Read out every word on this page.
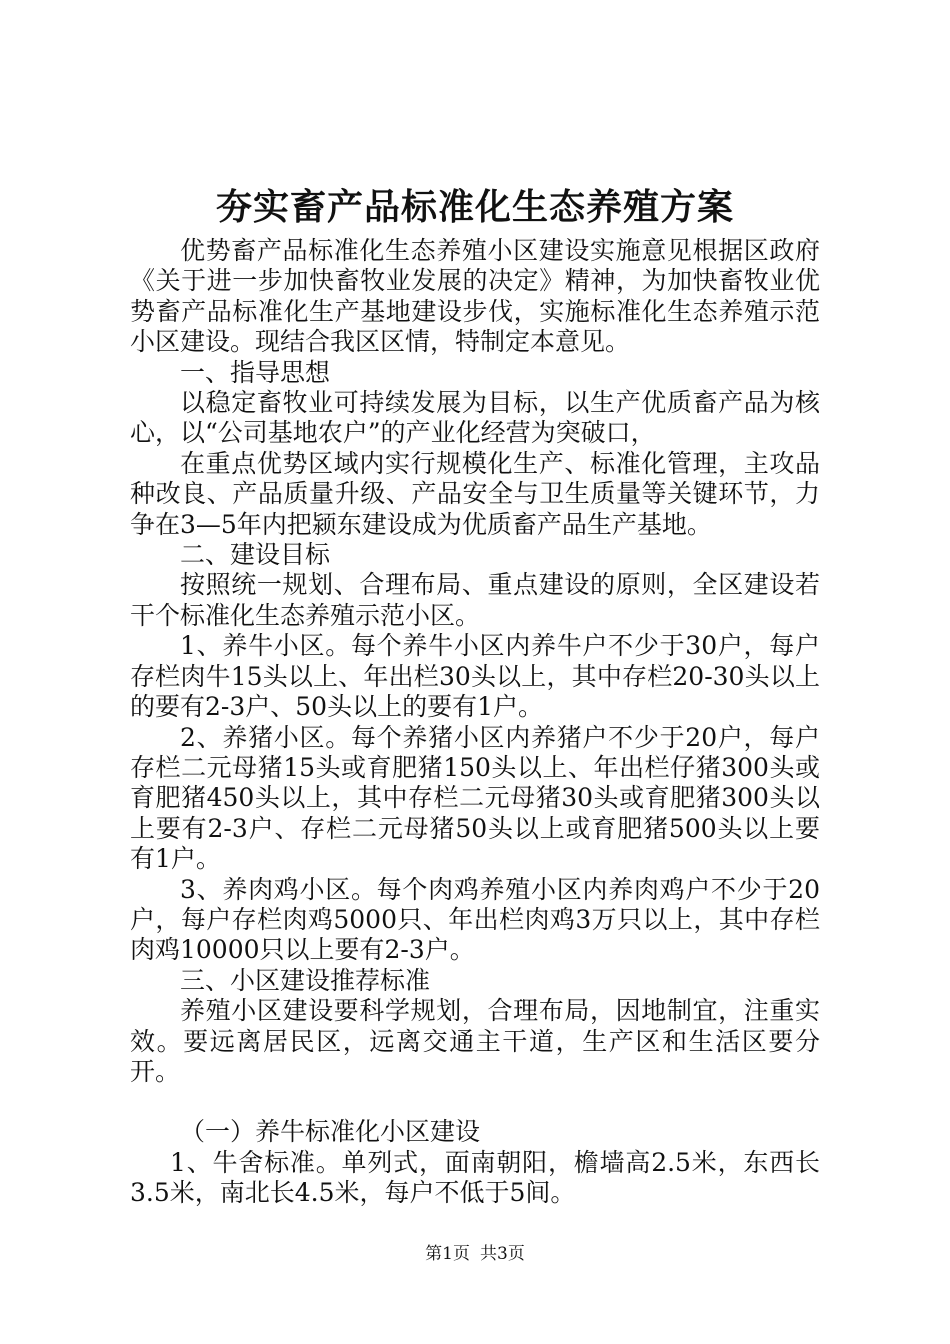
夯实畜产品标准化生态养殖方案

优势畜产品标准化生态养殖小区建设实施意见根据区政府《关于进一步加快畜牧业发展的决定》精神，为加快畜牧业优势畜产品标准化生产基地建设步伐，实施标准化生态养殖示范小区建设。现结合我区区情，特制定本意见。

一、指导思想

以稳定畜牧业可持续发展为目标，以生产优质畜产品为核心，以“公司基地农户”的产业化经营为突破口，

在重点优势区域内实行规模化生产、标准化管理，主攻品种改良、产品质量升级、产品安全与卫生质量等关键环节，力争在3—5年内把颍东建设成为优质畜产品生产基地。

二、建设目标

按照统一规划、合理布局、重点建设的原则，全区建设若干个标准化生态养殖示范小区。

1、养牛小区。每个养牛小区内养牛户不少于30户，每户存栏肉牛15头以上、年出栏30头以上，其中存栏20-30头以上的要有2-3户、50头以上的要有1户。

2、养猪小区。每个养猪小区内养猪户不少于20户，每户存栏二元母猪15头或育肥猪150头以上、年出栏仔猪300头或育肥猪450头以上，其中存栏二元母猪30头或育肥猪300头以上要有2-3户、存栏二元母猪50头以上或育肥猪500头以上要有1户。

3、养肉鸡小区。每个肉鸡养殖小区内养肉鸡户不少于20户，每户存栏肉鸡5000只、年出栏肉鸡3万只以上，其中存栏肉鸡10000只以上要有2-3户。

三、小区建设推荐标准

养殖小区建设要科学规划，合理布局，因地制宜，注重实效。要远离居民区，远离交通主干道，生产区和生活区要分开。

（一）养牛标准化小区建设

1、牛舍标准。单列式，面南朝阳，檐墙高2.5米，东西长3.5米，南北长4.5米，每户不低于5间。

第1页 共3页
